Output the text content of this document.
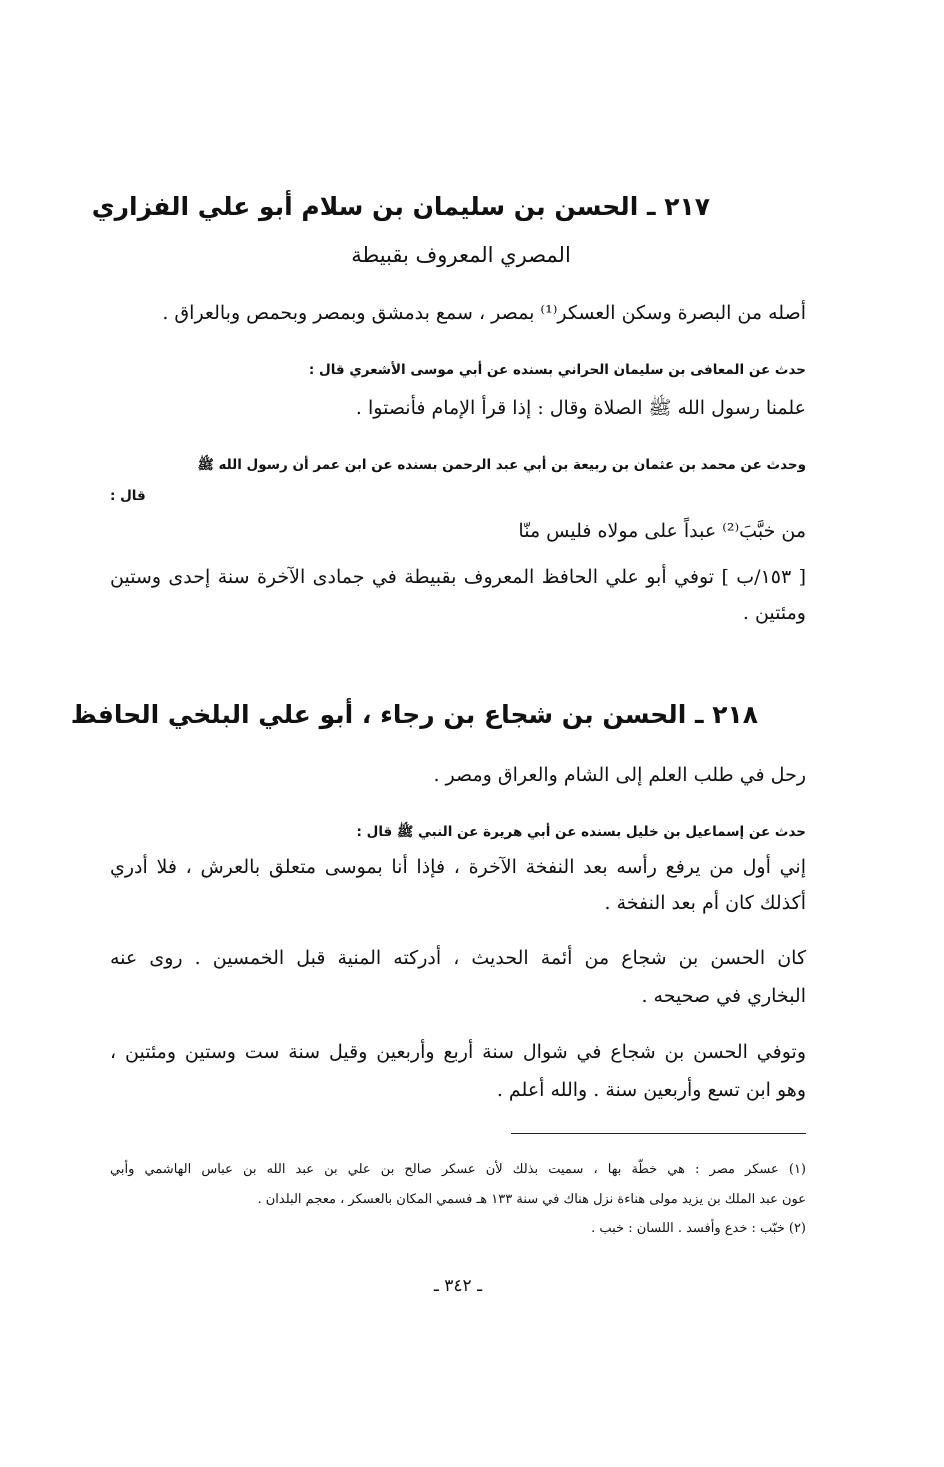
٢١٧ ـ الحسن بن سليمان بن سلام أبو علي الفزاري
المصري المعروف بقبيطة
أصله من البصرة وسكن العسكر⁽¹⁾ بمصر ، سمع بدمشق وبمصر وبحمص وبالعراق .
حدث عن المعافى بن سليمان الحراني بسنده عن أبي موسى الأشعري قال :
علمنا رسول الله ﷺ الصلاة وقال : إذا قرأ الإمام فأنصتوا .
وحدث عن محمد بن عثمان بن ربيعة بن أبي عبد الرحمن بسنده عن ابن عمر أن رسول الله ﷺ
قال :
من خبَّبَ⁽²⁾ عبداً على مولاه فليس منّا
[ ١٥٣/ب ] توفي أبو علي الحافظ المعروف بقبيطة في جمادى الآخرة سنة إحدى وستين
ومئتين .
٢١٨ ـ الحسن بن شجاع بن رجاء ، أبو علي البلخي الحافظ
رحل في طلب العلم إلى الشام والعراق ومصر .
حدث عن إسماعيل بن خليل بسنده عن أبي هريرة عن النبي ﷺ قال :
إني أول من يرفع رأسه بعد النفخة الآخرة ، فإذا أنا بموسى متعلق بالعرش ، فلا أدري
أكذلك كان أم بعد النفخة .
كان الحسن بن شجاع من أئمة الحديث ، أدركته المنية قبل الخمسين . روى عنه
البخاري في صحيحه .
وتوفي الحسن بن شجاع في شوال سنة أربع وأربعين وقيل سنة ست وستين ومئتين ،
وهو ابن تسع وأربعين سنة . والله أعلم .
(١) عسكر مصر : هي خطّة بها ، سميت بذلك لأن عسكر صالح بن علي بن عبد الله بن عباس الهاشمي وأبي
عون عبد الملك بن يزيد مولى هناءة نزل هناك في سنة ١٣٣ هـ فسمي المكان بالعسكر ، معجم البلدان .
(٢) خبّب : خدع وأفسد . اللسان : خبب .
ـ ٣٤٢ ـ
